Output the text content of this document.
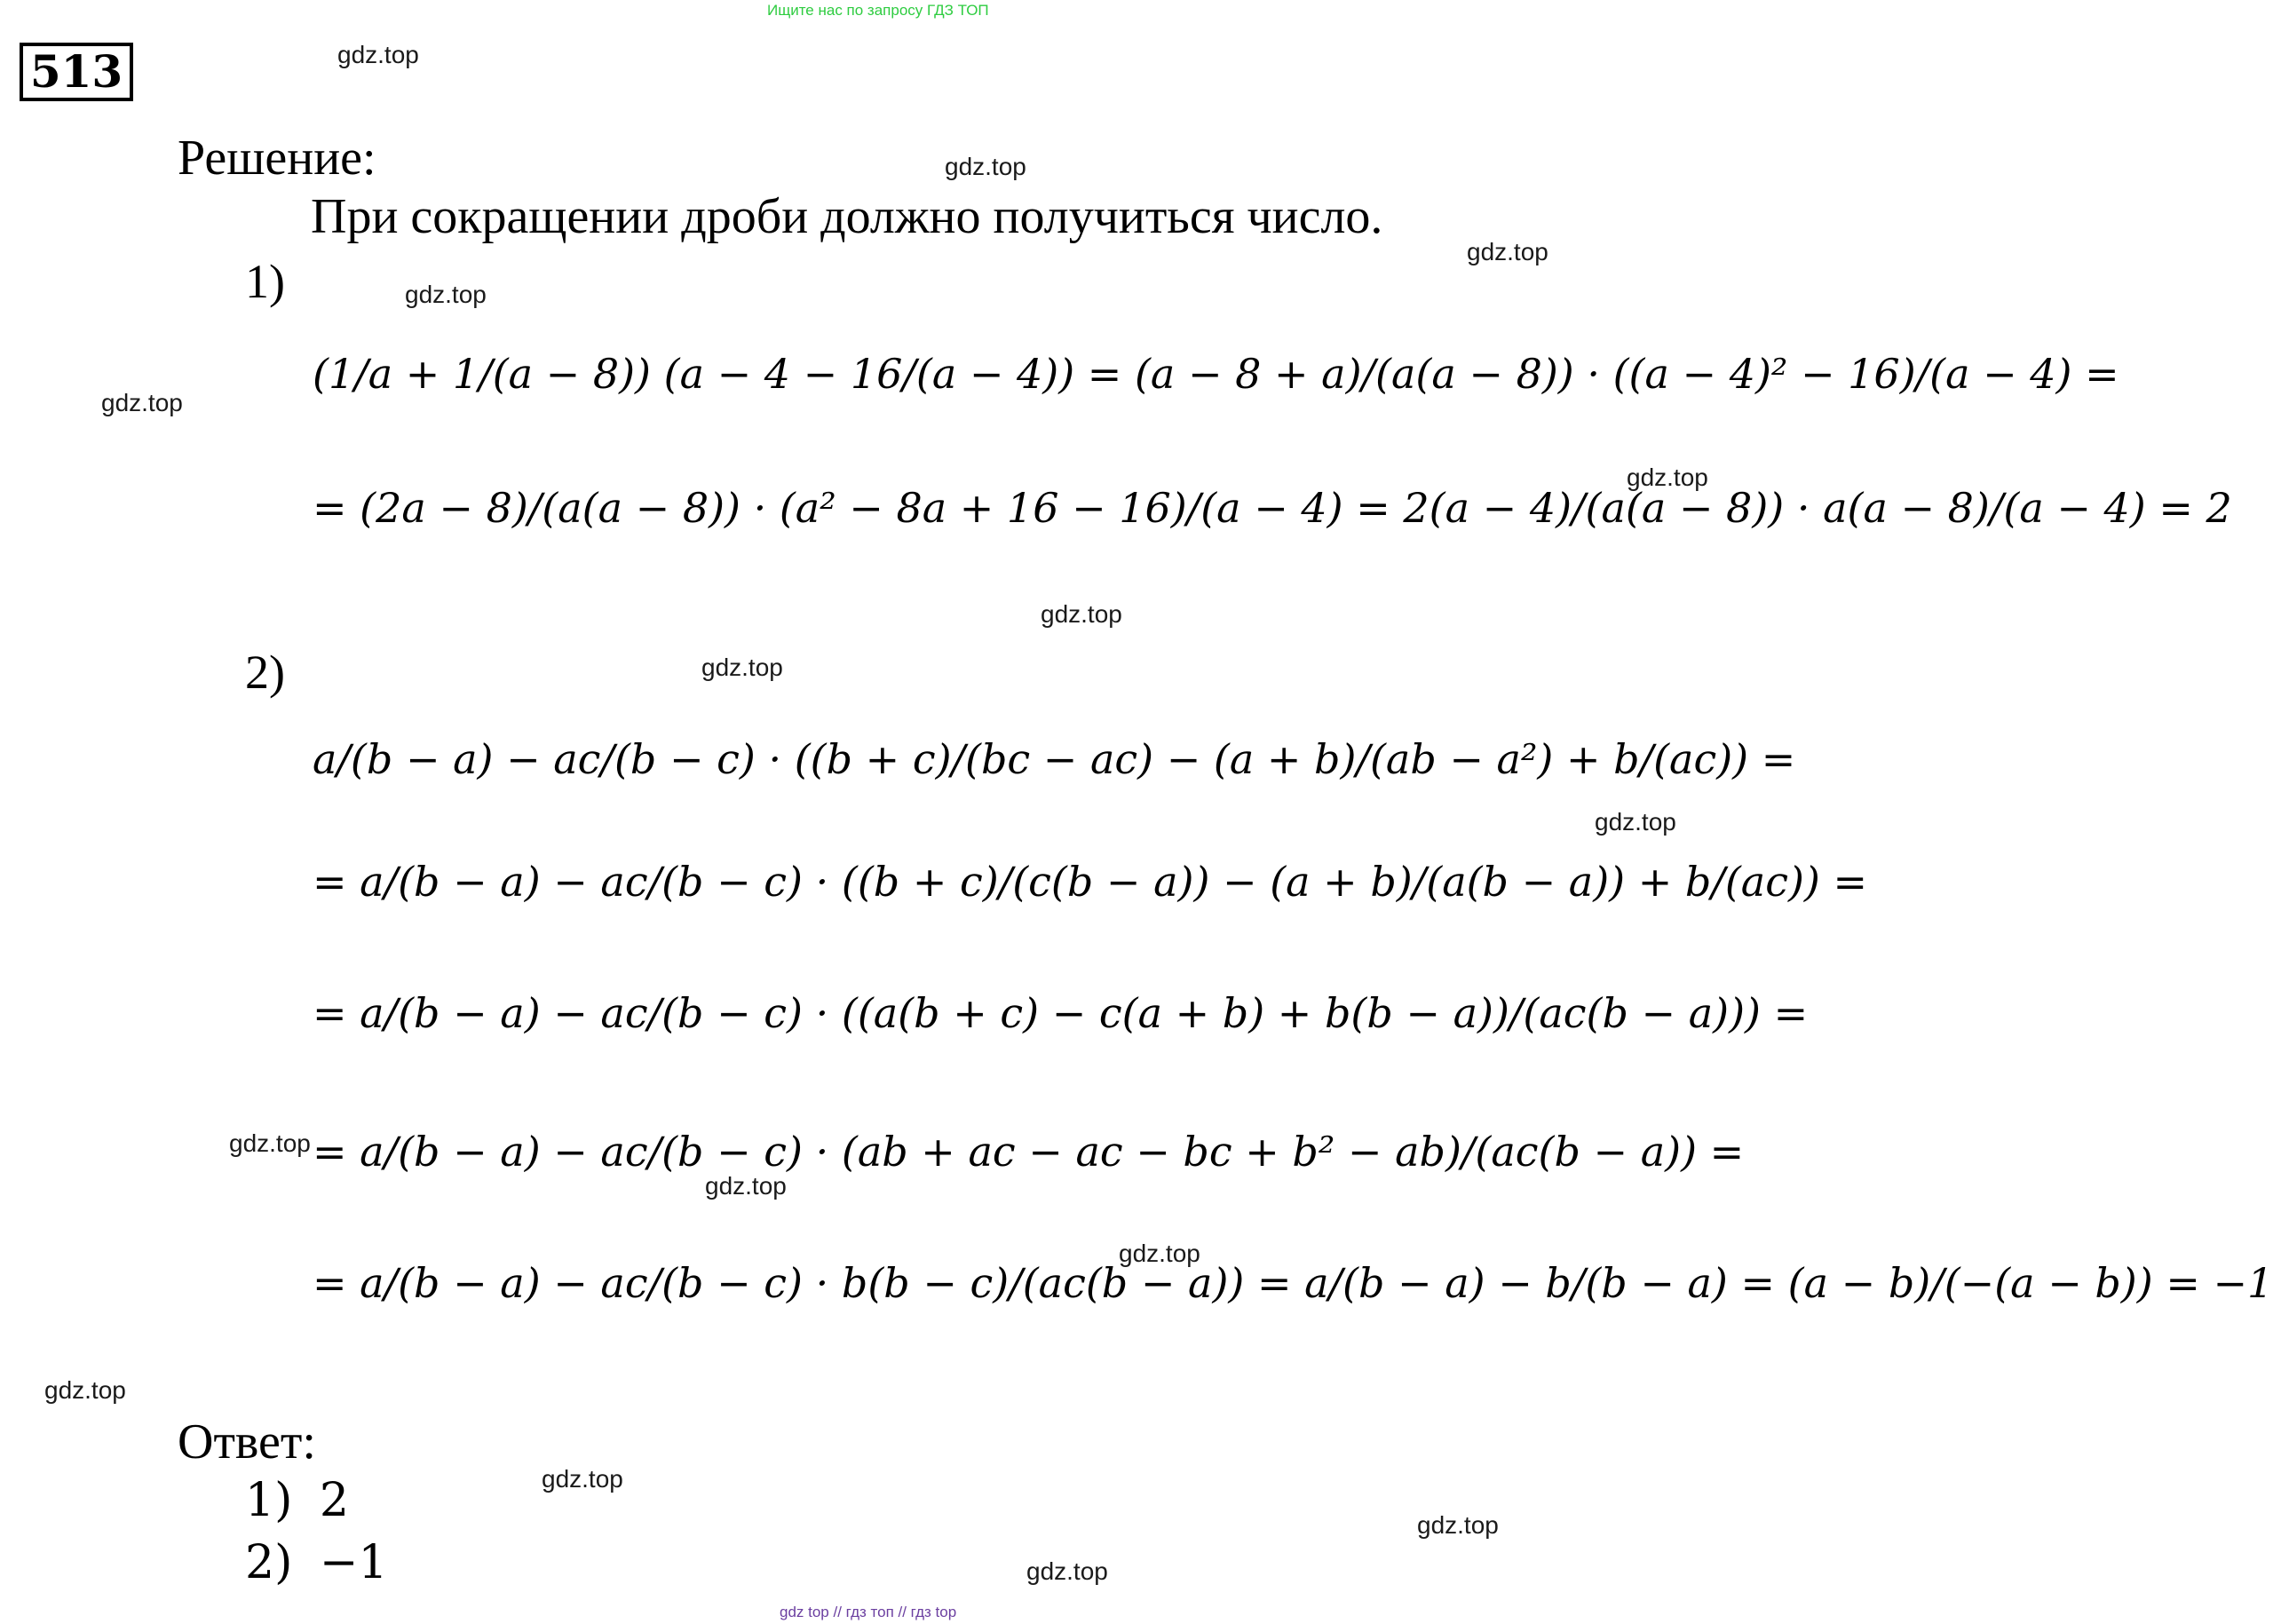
Ищите нас по запросу ГДЗ ТОП
gdz top // гдз топ // гдз top
513
Решение:
При сокращении дроби должно получиться число.
1)
(1/a + 1/(a − 8)) (a − 4 − 16/(a − 4)) = (a − 8 + a)/(a(a − 8)) · ((a − 4)² − 16)/(a − 4) =
= (2a − 8)/(a(a − 8)) · (a² − 8a + 16 − 16)/(a − 4) = 2(a − 4)/(a(a − 8)) · a(a − 8)/(a − 4) = 2
2)
a/(b − a) − ac/(b − c) · ((b + c)/(bc − ac) − (a + b)/(ab − a²) + b/(ac)) =
= a/(b − a) − ac/(b − c) · ((b + c)/(c(b − a)) − (a + b)/(a(b − a)) + b/(ac)) =
= a/(b − a) − ac/(b − c) · ((a(b + c) − c(a + b) + b(b − a))/(ac(b − a))) =
= a/(b − a) − ac/(b − c) · (ab + ac − ac − bc + b² − ab)/(ac(b − a)) =
= a/(b − a) − ac/(b − c) · b(b − c)/(ac(b − a)) = a/(b − a) − b/(b − a) = (a − b)/(−(a − b)) = −1
Ответ:
1) 2
2) −1
gdz.top
gdz.top
gdz.top
gdz.top
gdz.top
gdz.top
gdz.top
gdz.top
gdz.top
gdz.top
gdz.top
gdz.top
gdz.top
gdz.top
gdz.top
gdz.top
